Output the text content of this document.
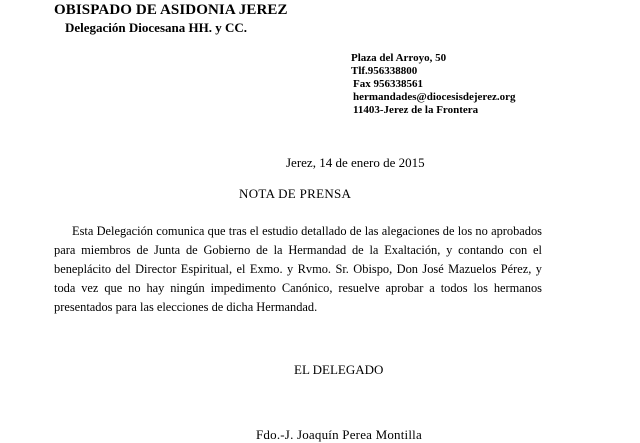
OBISPADO DE ASIDONIA JEREZ
Delegación Diocesana HH. y CC.
Plaza del Arroyo, 50
Tlf.956338800
Fax 956338561
hermandades@diocesisdejerez.org
11403-Jerez de la Frontera
Jerez, 14 de enero de 2015
NOTA DE PRENSA
Esta Delegación comunica que tras el estudio detallado de las alegaciones de los no aprobados para miembros de Junta de Gobierno de la Hermandad de la Exaltación, y contando con el beneplácito del Director Espiritual, el Exmo. y Rvmo. Sr. Obispo, Don José Mazuelos Pérez, y toda vez que no hay ningún impedimento Canónico, resuelve aprobar a todos los hermanos presentados para las elecciones de dicha Hermandad.
EL DELEGADO
Fdo.-J. Joaquín Perea Montilla
